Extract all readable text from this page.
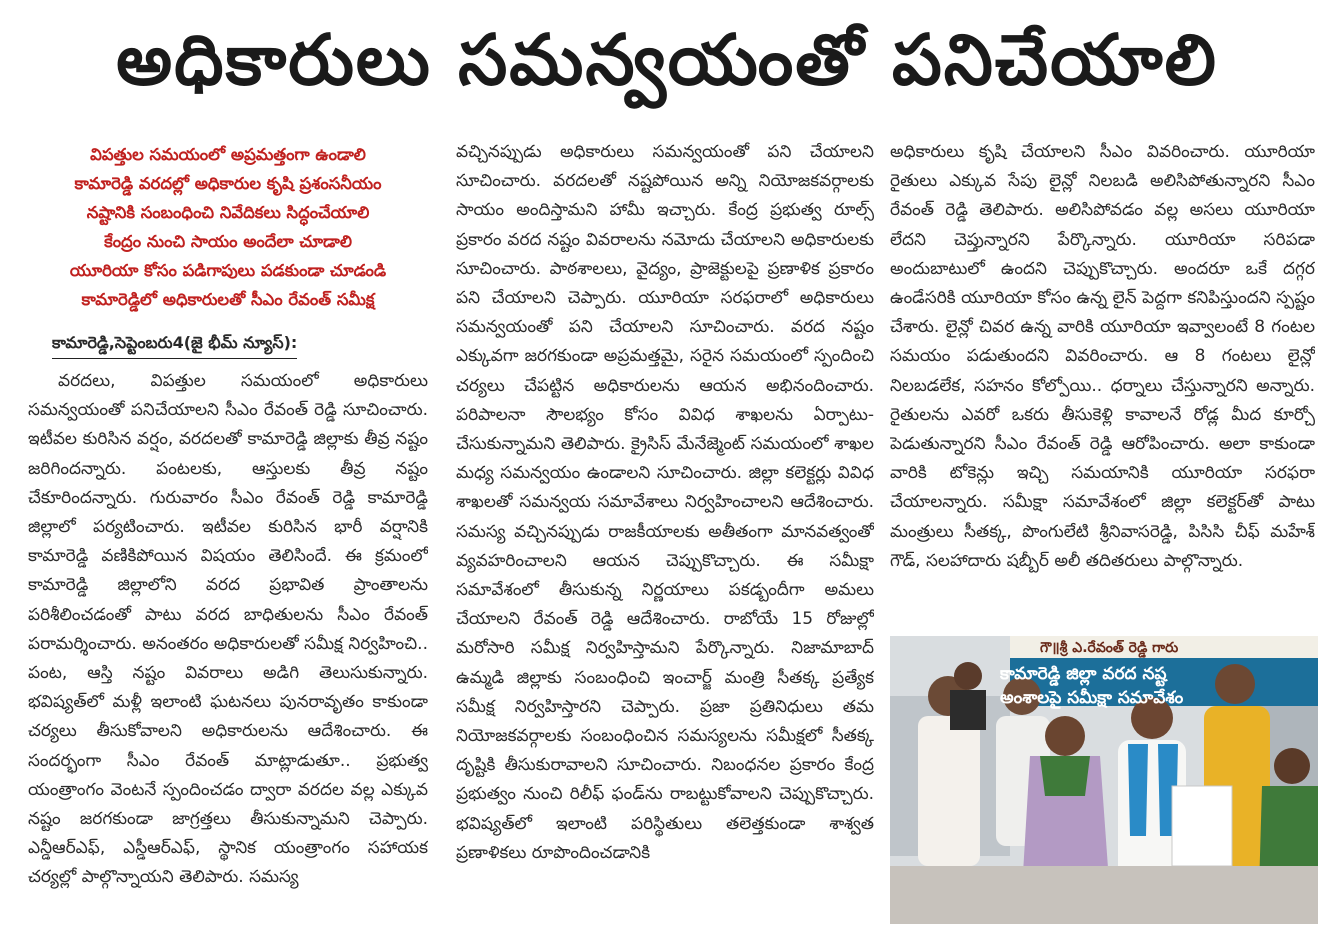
అధికారులు సమన్వయంతో పనిచేయాలి
విపత్తుల సమయంలో అప్రమత్తంగా ఉండాలి
కామారెడ్డి వరదల్లో అధికారుల కృషి ప్రశంసనీయం
నష్టానికి సంబంధించి నివేదికలు సిద్ధంచేయాలి
కేంద్రం నుంచి సాయం అందేలా చూడాలి
యూరియా కోసం పడిగాపులు పడకుండా చూడండి
కామారెడ్డిలో అధికారులతో సీఎం రేవంత్ సమీక్ష
కామారెడ్డి,సెప్టెంబరు4(జై భీమ్ న్యూస్):
వరదలు, విపత్తుల సమయంలో అధికారులు సమన్వయంతో పనిచేయాలని సీఎం రేవంత్ రెడ్డి సూచించారు. ఇటీవల కురిసిన వర్షం, వరదలతో కామారెడ్డి జిల్లాకు తీవ్ర నష్టం జరిగిందన్నారు. పంటలకు, ఆస్తులకు తీవ్ర నష్టం చేకూరిందన్నారు. గురువారం సీఎం రేవంత్ రెడ్డి కామారెడ్డి జిల్లాలో పర్యటించారు. ఇటీవల కురిసిన భారీ వర్షానికి కామారెడ్డి వణికిపోయిన విషయం తెలిసిందే. ఈ క్రమంలో కామారెడ్డి జిల్లాలోని వరద ప్రభావిత ప్రాంతాలను పరిశీలించడంతో పాటు వరద బాధితులను సీఎం రేవంత్ పరామర్శించారు. అనంతరం అధికారులతో సమీక్ష నిర్వహించి.. పంట, ఆస్తి నష్టం వివరాలు అడిగి తెలుసుకున్నారు. భవిష్యత్‌లో మళ్లీ ఇలాంటి ఘటనలు పునరావృతం కాకుండా చర్యలు తీసుకోవాలని అధికారులను ఆదేశించారు. ఈ సందర్భంగా సీఎం రేవంత్ మాట్లాడుతూ.. ప్రభుత్వ యంత్రాంగం వెంటనే స్పందించడం ద్వారా వరదల వల్ల ఎక్కువ నష్టం జరగకుండా జాగ్రత్తలు తీసుకున్నామని చెప్పారు. ఎన్డీఆర్ఎఫ్, ఎస్డీఆర్ఎఫ్, స్థానిక యంత్రాంగం సహాయక చర్యల్లో పాల్గొన్నాయని తెలిపారు. సమస్య
వచ్చినప్పుడు అధికారులు సమన్వయంతో పని చేయాలని సూచించారు. వరదలతో నష్టపోయిన అన్ని నియోజకవర్గాలకు సాయం అందిస్తామని హామీ ఇచ్చారు. కేంద్ర ప్రభుత్వ రూల్స్ ప్రకారం వరద నష్టం వివరాలను నమోదు చేయాలని అధికారులకు సూచించారు. పాఠశాలలు, వైద్యం, ప్రాజెక్టులపై ప్రణాళిక ప్రకారం పని చేయాలని చెప్పారు. యూరియా సరఫరాలో అధికారులు సమన్వయంతో పని చేయాలని సూచించారు. వరద నష్టం ఎక్కువగా జరగకుండా అప్రమత్తమై, సరైన సమయంలో స్పందించి చర్యలు చేపట్టిన అధికారులను ఆయన అభినందించారు. పరిపాలనా సౌలభ్యం కోసం వివిధ శాఖలను ఏర్పాటు-చేసుకున్నామని తెలిపారు. క్రైసిస్ మేనేజ్మెంట్ సమయంలో శాఖల మధ్య సమన్వయం ఉండాలని సూచించారు. జిల్లా కలెక్టర్లు వివిధ శాఖలతో సమన్వయ సమావేశాలు నిర్వహించాలని ఆదేశించారు. సమస్య వచ్చినప్పుడు రాజకీయాలకు అతీతంగా మానవత్వంతో వ్యవహరించాలని ఆయన చెప్పుకొచ్చారు. ఈ సమీక్షా సమావేశంలో తీసుకున్న నిర్ణయాలు పకడ్బందీగా అమలు చేయాలని రేవంత్ రెడ్డి ఆదేశించారు. రాబోయే 15 రోజుల్లో మరోసారి సమీక్ష నిర్వహిస్తామని పేర్కొన్నారు. నిజామాబాద్ ఉమ్మడి జిల్లాకు సంబంధించి ఇంచార్జ్ మంత్రి సీతక్క ప్రత్యేక సమీక్ష నిర్వహిస్తారని చెప్పారు. ప్రజా ప్రతినిధులు తమ నియోజకవర్గాలకు సంబంధించిన సమస్యలను సమీక్షలో సీతక్క దృష్టికి తీసుకురావాలని సూచించారు. నిబంధనల ప్రకారం కేంద్ర ప్రభుత్వం నుంచి రిలీఫ్ ఫండ్‌ను రాబట్టుకోవాలని చెప్పుకొచ్చారు. భవిష్యత్‌లో ఇలాంటి పరిస్థితులు తలెత్తకుండా శాశ్వత ప్రణాళికలు రూపొందించడానికి
అధికారులు కృషి చేయాలని సీఎం వివరించారు. యూరియా రైతులు ఎక్కువ సేపు లైన్లో నిలబడి అలిసిపోతున్నారని సీఎం రేవంత్ రెడ్డి తెలిపారు. అలిసిపోవడం వల్ల అసలు యూరియా లేదని చెప్తున్నారని పేర్కొన్నారు. యూరియా సరిపడా అందుబాటులో ఉందని చెప్పుకొచ్చారు. అందరూ ఒకే దగ్గర ఉండేసరికి యూరియా కోసం ఉన్న లైన్ పెద్దగా కనిపిస్తుందని స్పష్టం చేశారు. లైన్లో చివర ఉన్న వారికి యూరియా ఇవ్వాలంటే 8 గంటల సమయం పడుతుందని వివరించారు. ఆ 8 గంటలు లైన్లో నిలబడలేక, సహనం కోల్పోయి.. ధర్నాలు చేస్తున్నారని అన్నారు. రైతులను ఎవరో ఒకరు తీసుకెళ్లి కావాలనే రోడ్ల మీద కూర్చో పెడుతున్నారని సీఎం రేవంత్ రెడ్డి ఆరోపించారు. అలా కాకుండా వారికి టోకెన్లు ఇచ్చి సమయానికి యూరియా సరఫరా చేయాలన్నారు. సమీక్షా సమావేశంలో జిల్లా కలెక్టర్‌తో పాటు మంత్రులు సీతక్క, పొంగులేటి శ్రీనివాసరెడ్డి, పిసిసి చీఫ్ మహేశ్ గౌడ్, సలహాదారు షబ్బీర్ అలీ తదితరులు పాల్గొన్నారు.
గౌ॥శ్రీ ఎ.రేవంత్ రెడ్డి గారు
కామారెడ్డి జిల్లా వరద నష్ట
అంశాలపై సమీక్షా సమావేశం
